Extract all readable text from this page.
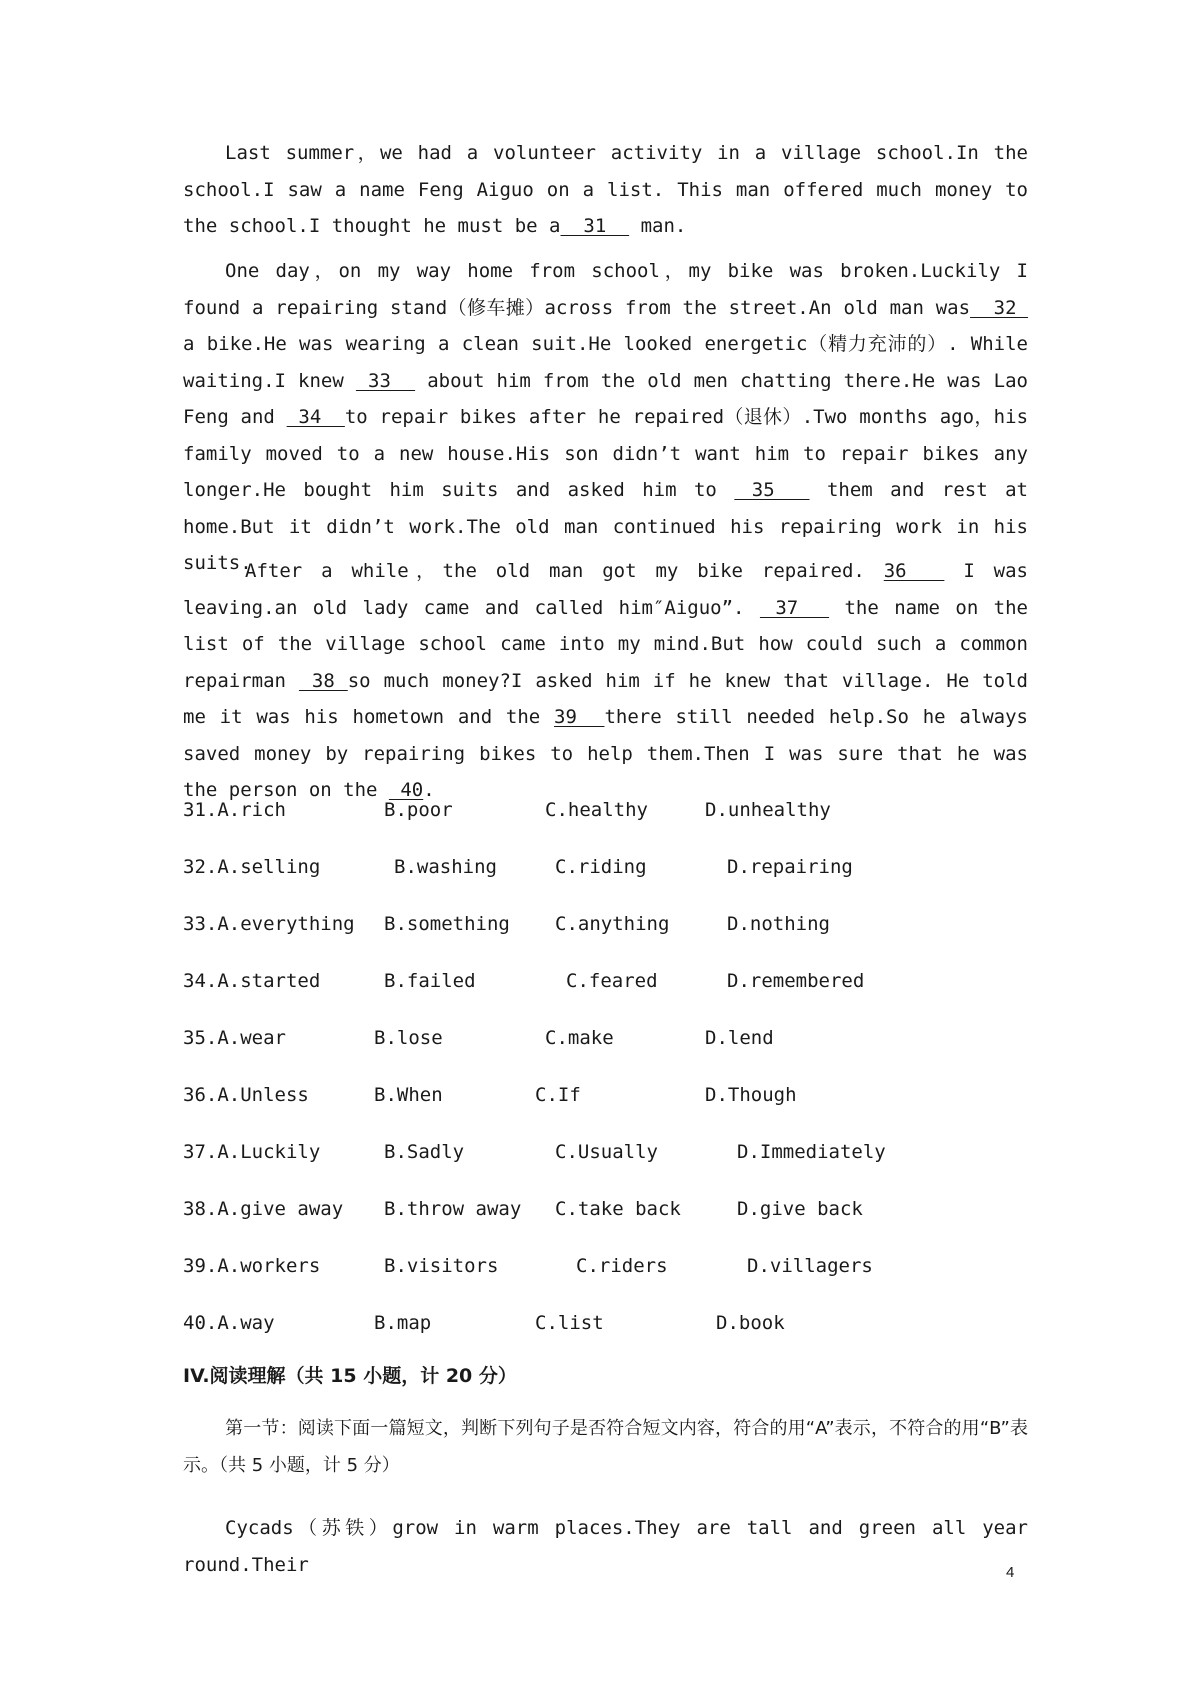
Last summer，we had a volunteer activity in a village school.In the school.I saw a name Feng Aiguo on a list. This man offered much money to the school.I thought he must be a  31   man.
One day，on my way home from school，my bike was broken.Luckily I found a repairing stand（修车摊）across from the street.An old man was  32  a bike.He was wearing a clean suit.He looked energetic（精力充沛的）. While waiting.I knew  33   about him from the old men chatting there.He was Lao Feng and  34  to repair bikes after he repaired（退休）.Two months ago，his family moved to a new house.His son didn’t want him to repair bikes any longer.He bought him suits and asked him to  35   them and rest at home.But it didn’t work.The old man continued his repairing work in his suits.
After a while，the old man got my bike repaired. 36   I was leaving.an old lady came and called him″Aiguo”.  37   the name on the list of the village school came into my mind.But how could such a common repairman  38 so much money?I asked him if he knew that village. He told me it was his hometown and the 39  there still needed help.So he always saved money by repairing bikes to help them.Then I was sure that he was the person on the  40.
31.A.rich	B.poor	C.healthy	D.unhealthy
32.A.selling	B.washing	C.riding	D.repairing
33.A.everything B.something C.anything	D.nothing
34.A.started	B.failed	C.feared	D.remembered
35.A.wear	B.lose	C.make	D.lend
36.A.Unless	B.When	C.If	D.Though
37.A.Luckily	B.Sadly	C.Usually	D.Immediately
38.A.give away B.throw away C.take back	D.give back
39.A.workers	B.visitors	C.riders	D.villagers
40.A.way	B.map	C.list	D.book
IV.阅读理解（共 15 小题，计 20 分）
第一节：阅读下面一篇短文，判断下列句子是否符合短文内容，符合的用“A”表示，不符合的用“B”表示。（共 5 小题，计 5 分）
Cycads（苏铁）grow in warm places.They are tall and green all year round.Their	4
